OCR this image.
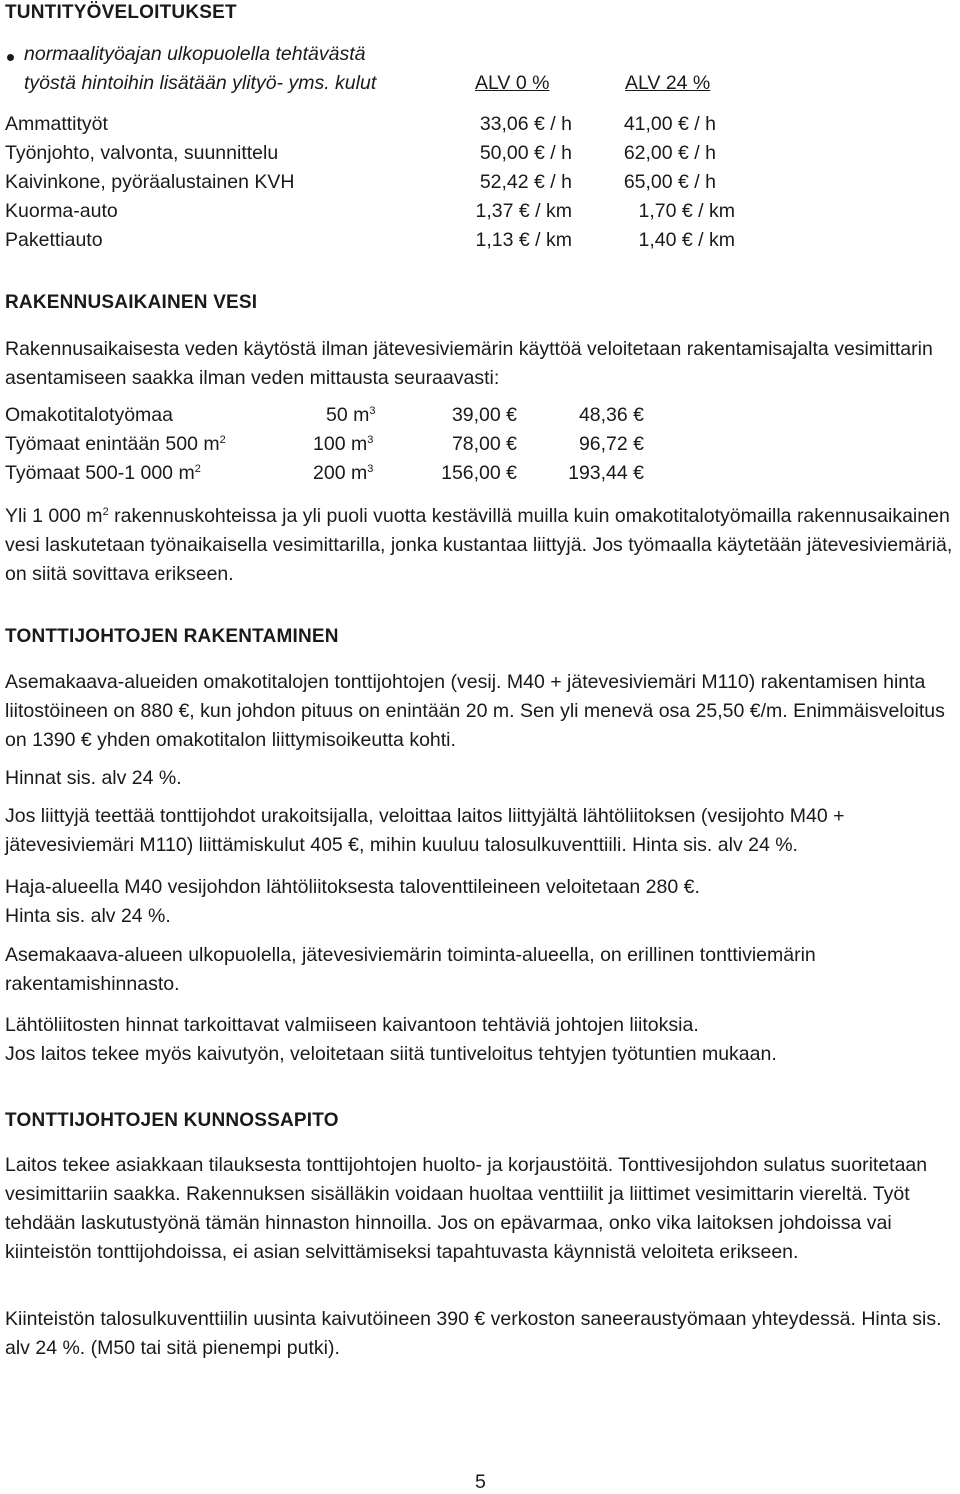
TUNTITYÖVELOITUKSET
normaalityöajan ulkopuolella tehtävästä
työstä hintoihin lisätään ylityö- yms. kulut	ALV 0 %	ALV 24 %
Ammattityöt	33,06 € / h	41,00 € / h
Työnjohto, valvonta, suunnittelu	50,00 € / h	62,00 € / h
Kaivinkone, pyöräalustainen KVH	52,42 € / h	65,00 € / h
Kuorma-auto	1,37 € / km	1,70 € / km
Pakettiauto	1,13 € / km	1,40 € / km
RAKENNUSAIKAINEN VESI
Rakennusaikaisesta veden käytöstä ilman jätevesiviemärin käyttöä veloitetaan rakentamisajalta vesimittarin asentamiseen saakka ilman veden mittausta seuraavasti:
Omakotitalotyömaa	50 $m^3$	39,00 €	48,36 €
Työmaat enintään 500 $m^2$	100 $m^3$	78,00 €	96,72 €
Työmaat 500-1 000 $m^2$	200 $m^3$	156,00 €	193,44 €
Yli 1 000 $m^2$ rakennuskohteissa ja yli puoli vuotta kestävillä muilla kuin omakotitalotyömailla rakennusaikainen vesi laskutetaan työnaikaisella vesimittarilla, jonka kustantaa liittyjä. Jos työmaalla käytetään jätevesiviemäriä, on siitä sovittava erikseen.
TONTTIJOHTOJEN RAKENTAMINEN
Asemakaava-alueiden omakotitalojen tonttijohtojen (vesij. M40 + jätevesiviemäri M110) rakentamisen hinta liitostöineen on 880 €, kun johdon pituus on enintään 20 m. Sen yli menevä osa 25,50 €/m. Enimmäisveloitus on 1390 € yhden omakotitalon liittymisoikeutta kohti.
Hinnat sis. alv 24 %.
Jos liittyjä teettää tonttijohdot urakoitsijalla, veloittaa laitos liittyjältä lähtöliitoksen (vesijohto M40 + jätevesiviemäri M110) liittämiskulut 405 €, mihin kuuluu talosulkuventtiili. Hinta sis. alv 24 %.

Haja-alueella M40 vesijohdon lähtöliitoksesta taloventtileineen veloitetaan 280 €.

Hinta sis. alv 24 %.

Asemakaava-alueen ulkopuolella, jätevesiviemärin toiminta-alueella, on erillinen tonttiviemärin rakentamishinnasto.

Lähtöliitosten hinnat tarkoittavat valmiiseen kaivantoon tehtäviä johtojen liitoksia.

Jos laitos tekee myös kaivutyön, veloitetaan siitä tuntiveloitus tehtyjen työtuntien mukaan.

TONTTIJOHTOJEN KUNNOSSAPITO
Laitos tekee asiakkaan tilauksesta tonttijohtojen huolto- ja korjaustöitä. Tonttivesijohdon sulatus suoritetaan vesimittariin saakka. Rakennuksen sisälläkin voidaan huoltaa venttiilit ja liittimet vesimittarin viereltä. Työt tehdään laskutustyönä tämän hinnaston hinnoilla. Jos on epävarmaa, onko vika laitoksen johdoissa vai kiinteistön tonttijohdoissa, ei asian selvittämiseksi tapahtuvasta käynnistä veloiteta erikseen.
Kiinteistön talosulkuventtiilin uusinta kaivutöineen 390 € verkoston saneeraustyömaan yhteydessä. Hinta sis. alv 24 %. (M50 tai sitä pienempi putki).
5
